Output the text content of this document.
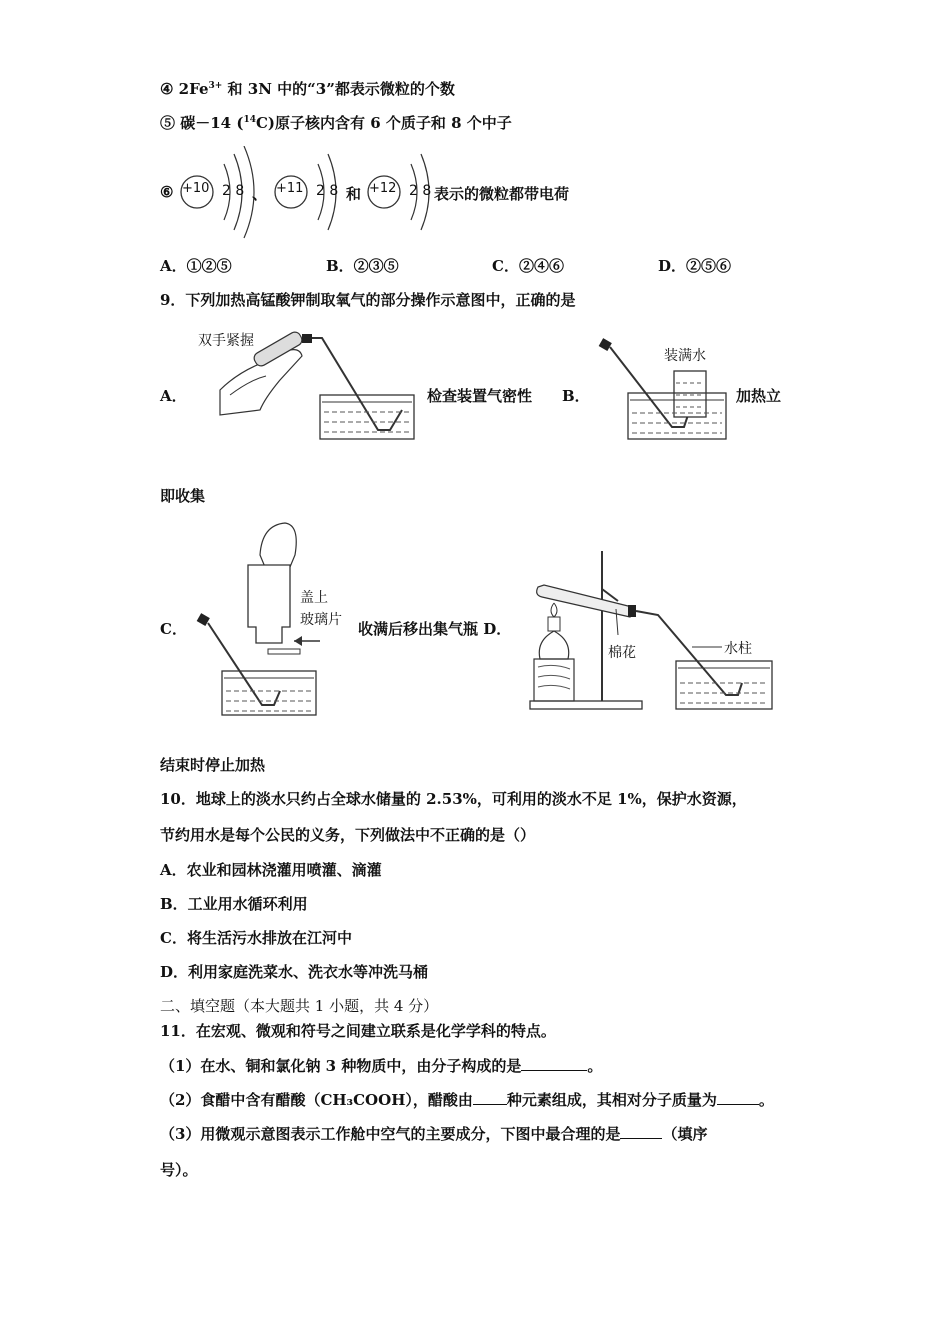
④ $2Fe^{3+}$ 和 3N 中的“3”都表示微粒的个数
⑤ 碳－14 ($^{14}$C)原子核内含有 6 个质子和 8 个中子
⑥ +10 2 8 、 +11 2 8 和 +12 2 8 表示的微粒都带电荷
A．①②⑤	B．②③⑤	C．②④⑥	D．②⑤⑥
9．下列加热高锰酸钾制取氧气的部分操作示意图中，正确的是
A．
双手紧握
检查装置气密性 B．
装满水
加热立
即收集
C．
盖上
玻璃片 收满后移出集气瓶 D．
棉花	水柱
结束时停止加热
10．地球上的淡水只约占全球水储量的 2.53%，可利用的淡水不足 1%，保护水资源，
节约用水是每个公民的义务，下列做法中不正确的是（）
A．农业和园林浇灌用喷灌、滴灌
B．工业用水循环利用
C．将生活污水排放在江河中
D．利用家庭洗菜水、洗衣水等冲洗马桶
二、填空题（本大题共 1 小题，共 4 分）
11．在宏观、微观和符号之间建立联系是化学学科的特点。
（1）在水、铜和氯化钠 3 种物质中，由分子构成的是	。
（2）食醋中含有醋酸（CH₃COOH），醋酸由 种元素组成，其相对分子质量为	。
（3）用微观示意图表示工作舱中空气的主要成分，下图中最合理的是	（填序
号）。
